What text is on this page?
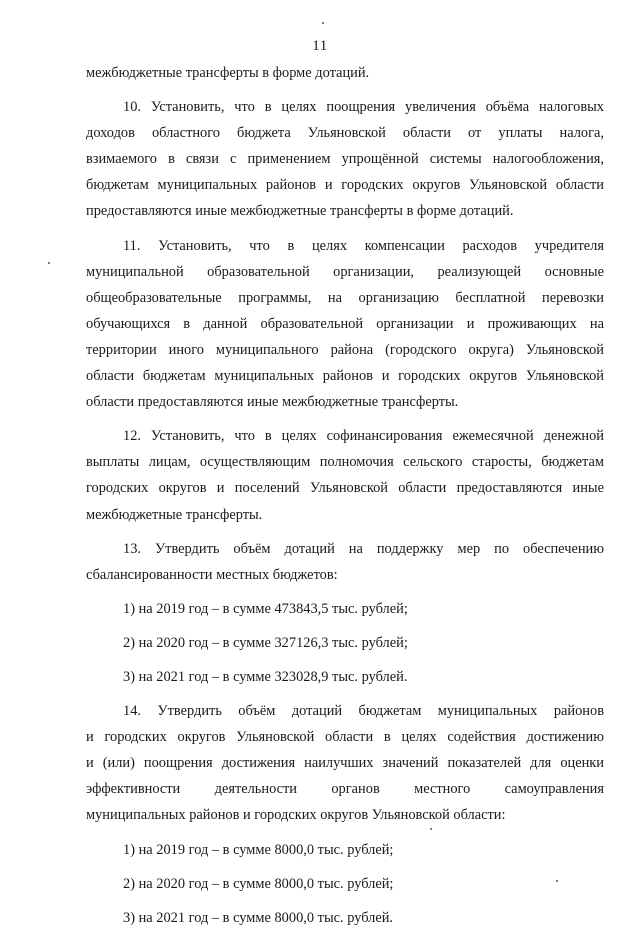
11
межбюджетные трансферты в форме дотаций.
10. Установить, что в целях поощрения увеличения объёма налоговых
доходов областного бюджета Ульяновской области от уплаты налога,
взимаемого в связи с применением упрощённой системы налогообложения,
бюджетам муниципальных районов и городских округов Ульяновской области
предоставляются иные межбюджетные трансферты в форме дотаций.
11. Установить, что в целях компенсации расходов учредителя
муниципальной образовательной организации, реализующей основные
общеобразовательные программы, на организацию бесплатной перевозки
обучающихся в данной образовательной организации и проживающих на
территории иного муниципального района (городского округа) Ульяновской
области бюджетам муниципальных районов и городских округов Ульяновской
области предоставляются иные межбюджетные трансферты.
12. Установить, что в целях софинансирования ежемесячной денежной
выплаты лицам, осуществляющим полномочия сельского старосты, бюджетам
городских округов и поселений Ульяновской области предоставляются иные
межбюджетные трансферты.
13. Утвердить объём дотаций на поддержку мер по обеспечению
сбалансированности местных бюджетов:
1) на 2019 год – в сумме 473843,5 тыс. рублей;
2) на 2020 год – в сумме 327126,3 тыс. рублей;
3) на 2021 год – в сумме 323028,9 тыс. рублей.
14. Утвердить объём дотаций бюджетам муниципальных районов
и городских округов Ульяновской области в целях содействия достижению
и (или) поощрения достижения наилучших значений показателей для оценки
эффективности деятельности органов местного самоуправления
муниципальных районов и городских округов Ульяновской области:
1) на 2019 год – в сумме 8000,0 тыс. рублей;
2) на 2020 год – в сумме 8000,0 тыс. рублей;
3) на 2021 год – в сумме 8000,0 тыс. рублей.
